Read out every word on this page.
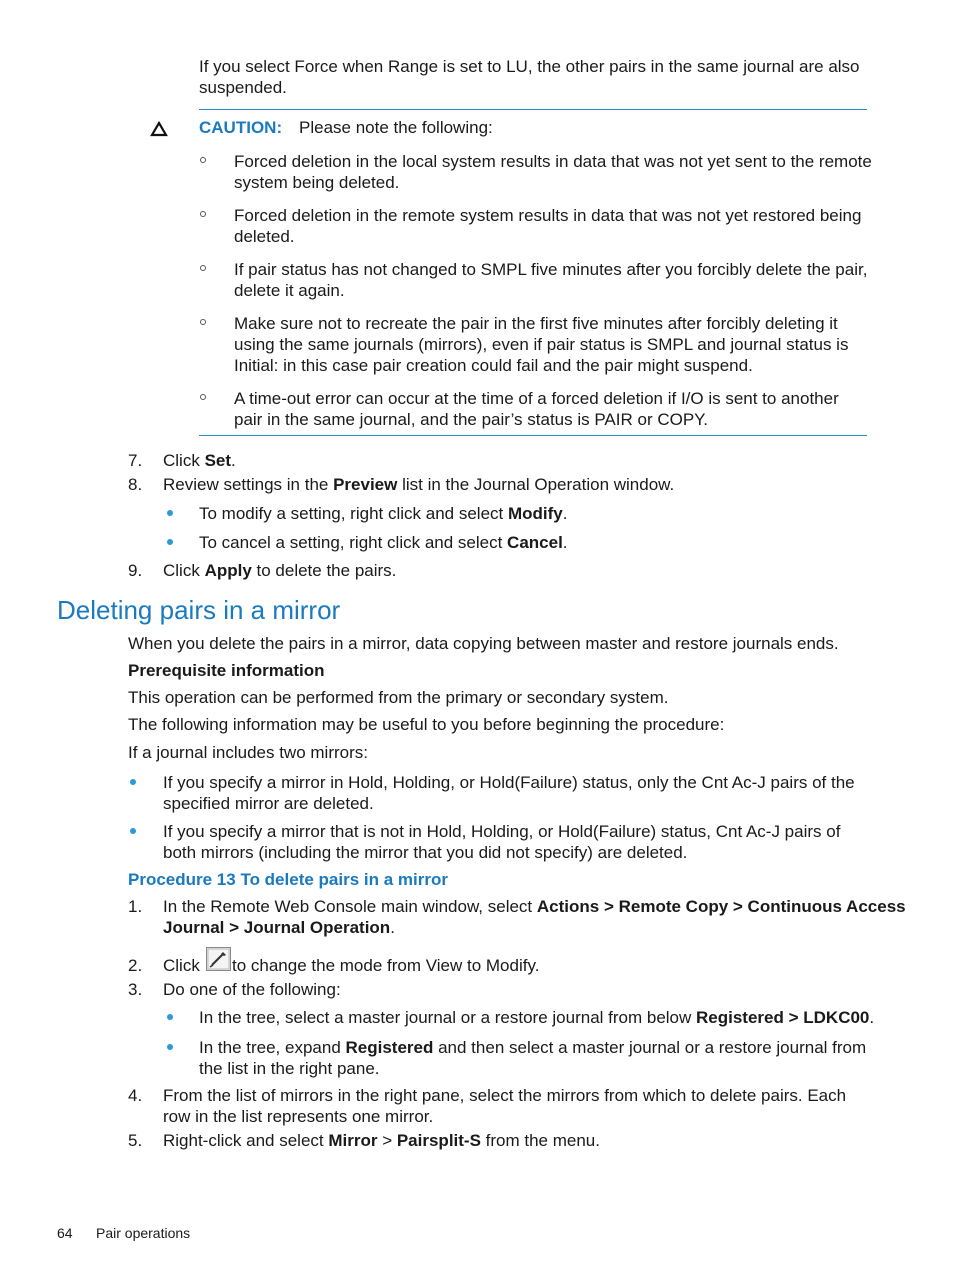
If you select Force when Range is set to LU, the other pairs in the same journal are also suspended.

CAUTION: Please note the following:

Forced deletion in the local system results in data that was not yet sent to the remote system being deleted.

Forced deletion in the remote system results in data that was not yet restored being deleted.

If pair status has not changed to SMPL five minutes after you forcibly delete the pair, delete it again.

Make sure not to recreate the pair in the first five minutes after forcibly deleting it using the same journals (mirrors), even if pair status is SMPL and journal status is Initial: in this case pair creation could fail and the pair might suspend.

A time-out error can occur at the time of a forced deletion if I/O is sent to another pair in the same journal, and the pair’s status is PAIR or COPY.

7.	Click Set.

8.	Review settings in the Preview list in the Journal Operation window.

To modify a setting, right click and select Modify.

To cancel a setting, right click and select Cancel.

9.	Click Apply to delete the pairs.

Deleting pairs in a mirror

When you delete the pairs in a mirror, data copying between master and restore journals ends.

Prerequisite information

This operation can be performed from the primary or secondary system.

The following information may be useful to you before beginning the procedure:

If a journal includes two mirrors:

If you specify a mirror in Hold, Holding, or Hold(Failure) status, only the Cnt Ac-J pairs of the specified mirror are deleted.

If you specify a mirror that is not in Hold, Holding, or Hold(Failure) status, Cnt Ac-J pairs of both mirrors (including the mirror that you did not specify) are deleted.

Procedure 13 To delete pairs in a mirror

1.	In the Remote Web Console main window, select Actions > Remote Copy > Continuous Access

Journal > Journal Operation.

2.	Click to change the mode from View to Modify.
3.	Do one of the following:

In the tree, select a master journal or a restore journal from below Registered > LDKC00.

In the tree, expand Registered and then select a master journal or a restore journal from

the list in the right pane.

4.	From the list of mirrors in the right pane, select the mirrors from which to delete pairs. Each

row in the list represents one mirror.

5.	Right-click and select Mirror > Pairsplit-S from the menu.

64 Pair operations
